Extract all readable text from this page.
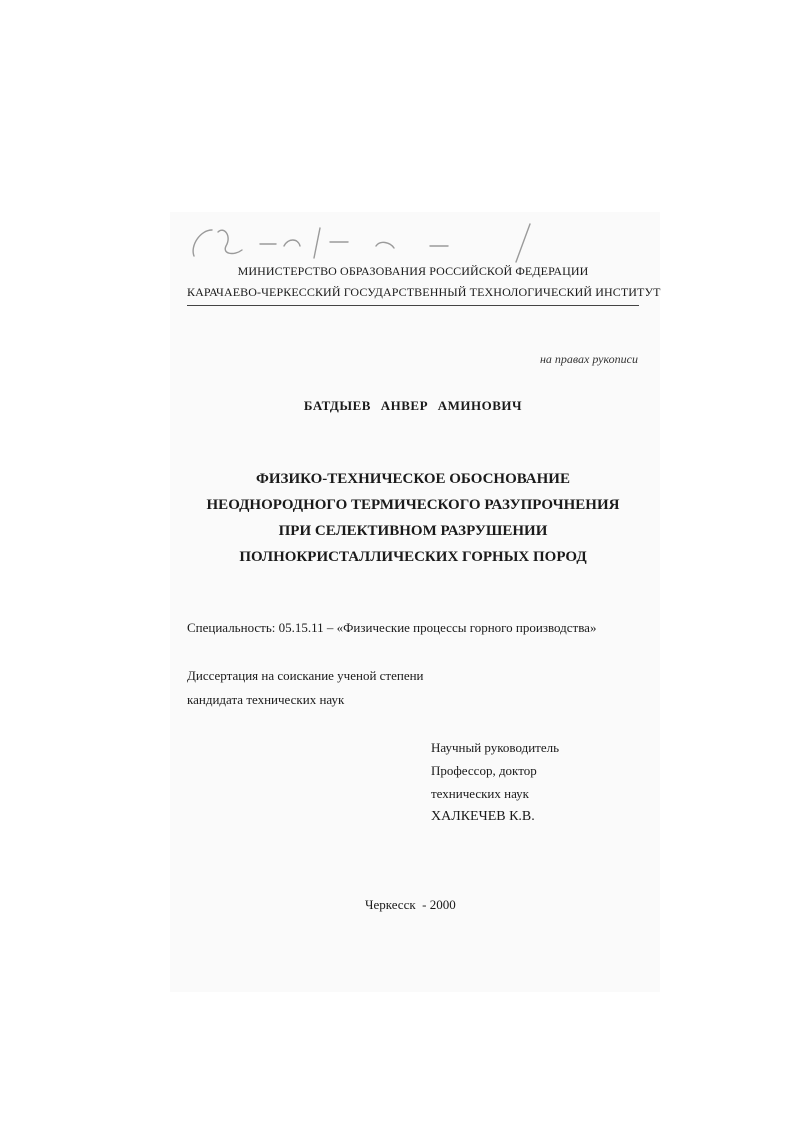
МИНИСТЕРСТВО ОБРАЗОВАНИЯ РОССИЙСКОЙ ФЕДЕРАЦИИ
КАРАЧАЕВО-ЧЕРКЕССКИЙ ГОСУДАРСТВЕННЫЙ ТЕХНОЛОГИЧЕСКИЙ ИНСТИТУТ
на правах рукописи
БАТДЫЕВ АНВЕР АМИНОВИЧ
ФИЗИКО-ТЕХНИЧЕСКОЕ ОБОСНОВАНИЕ
НЕОДНОРОДНОГО ТЕРМИЧЕСКОГО РАЗУПРОЧНЕНИЯ
ПРИ СЕЛЕКТИВНОМ РАЗРУШЕНИИ
ПОЛНОКРИСТАЛЛИЧЕСКИХ ГОРНЫХ ПОРОД
Специальность: 05.15.11 – «Физические процессы горного производства»
Диссертация на соискание ученой степени
кандидата технических наук
Научный руководитель
Профессор, доктор
технических наук
ХАЛКЕЧЕВ К.В.
Черкесск  - 2000
